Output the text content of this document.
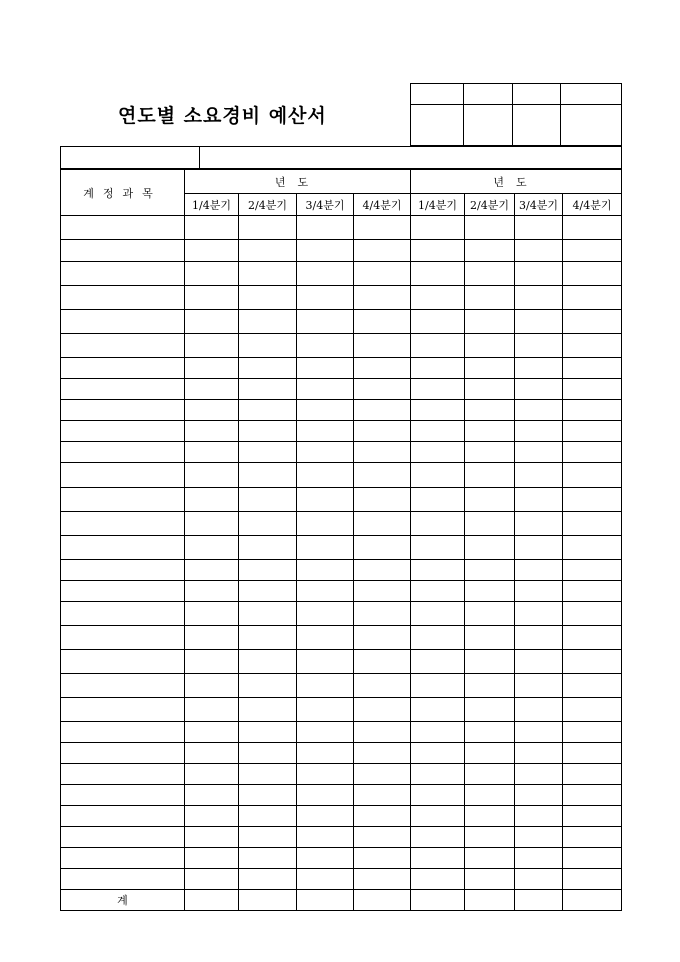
연도별 소요경비 예산서

계정과목	년도				년도			
	1/4분기	2/4분기	3/4분기	4/4분기	1/4분기	2/4분기	3/4분기	4/4분기

계								
